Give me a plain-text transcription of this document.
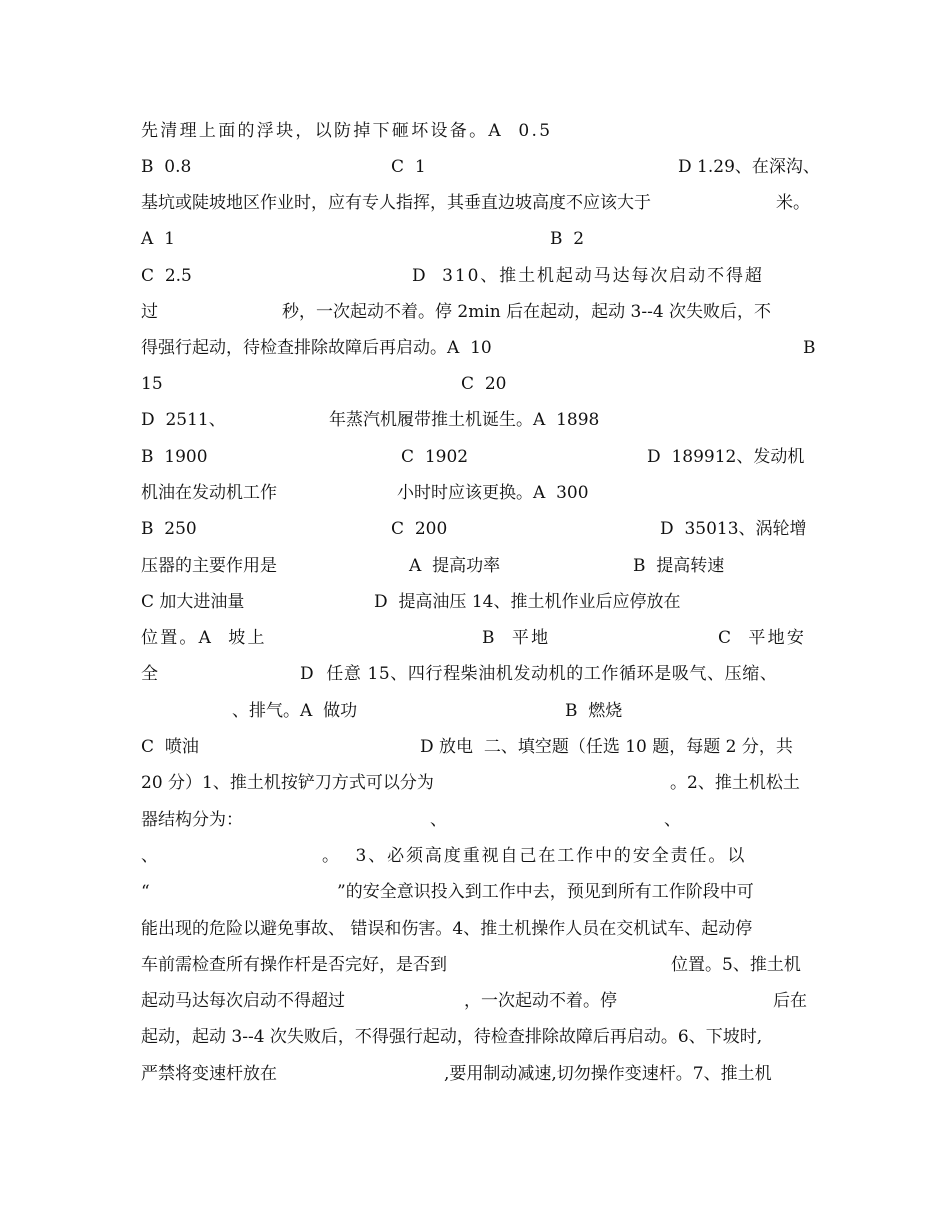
先清理上面的浮块，以防掉下砸坏设备。A  0.5

B  0.8

	C  1

	D 1.29、在深沟、

基坑或陡坡地区作业时，应有专人指挥，其垂直边坡高度不应该大于

	米。

A  1

	B  2

C  2.5

	D  310、推土机起动马达每次启动不得超

过

	秒，一次起动不着。停 2min 后在起动，起动 3--4 次失败后，不

得强行起动，待检查排除故障后再启动。A  10

	B

15

	C  20

D  2511、

	年蒸汽机履带推土机诞生。A  1898

B  1900

	C  1902

	D  189912、发动机

机油在发动机工作

	小时时应该更换。A  300

B  250

	C  200

	D  35013、涡轮增

压器的主要作用是

	A  提高功率

	B  提高转速

C 加大进油量

	D  提高油压 14、推土机作业后应停放在

位置。A  坡上

	B  平地

	C  平地安

全

	D  任意 15、四行程柴油机发动机的工作循环是吸气、压缩、

、排气。A  做功

	B  燃烧

C  喷油

	D 放电  二、填空题（任选 10 题，每题 2 分，共

20 分）1、推土机按铲刀方式可以分为

	。2、推土机松土

器结构分为：

	、

	、

、

	。  3、必须高度重视自己在工作中的安全责任。以

“

	”的安全意识投入到工作中去，预见到所有工作阶段中可

能出现的危险以避免事故、 错误和伤害。4、推土机操作人员在交机试车、起动停

车前需检查所有操作杆是否完好，是否到

	位置。5、推土机

起动马达每次启动不得超过

	，一次起动不着。停

	后在

起动，起动 3--4 次失败后，不得强行起动，待检查排除故障后再启动。6、下坡时,

严禁将变速杆放在

	,要用制动减速,切勿操作变速杆。7、推土机
